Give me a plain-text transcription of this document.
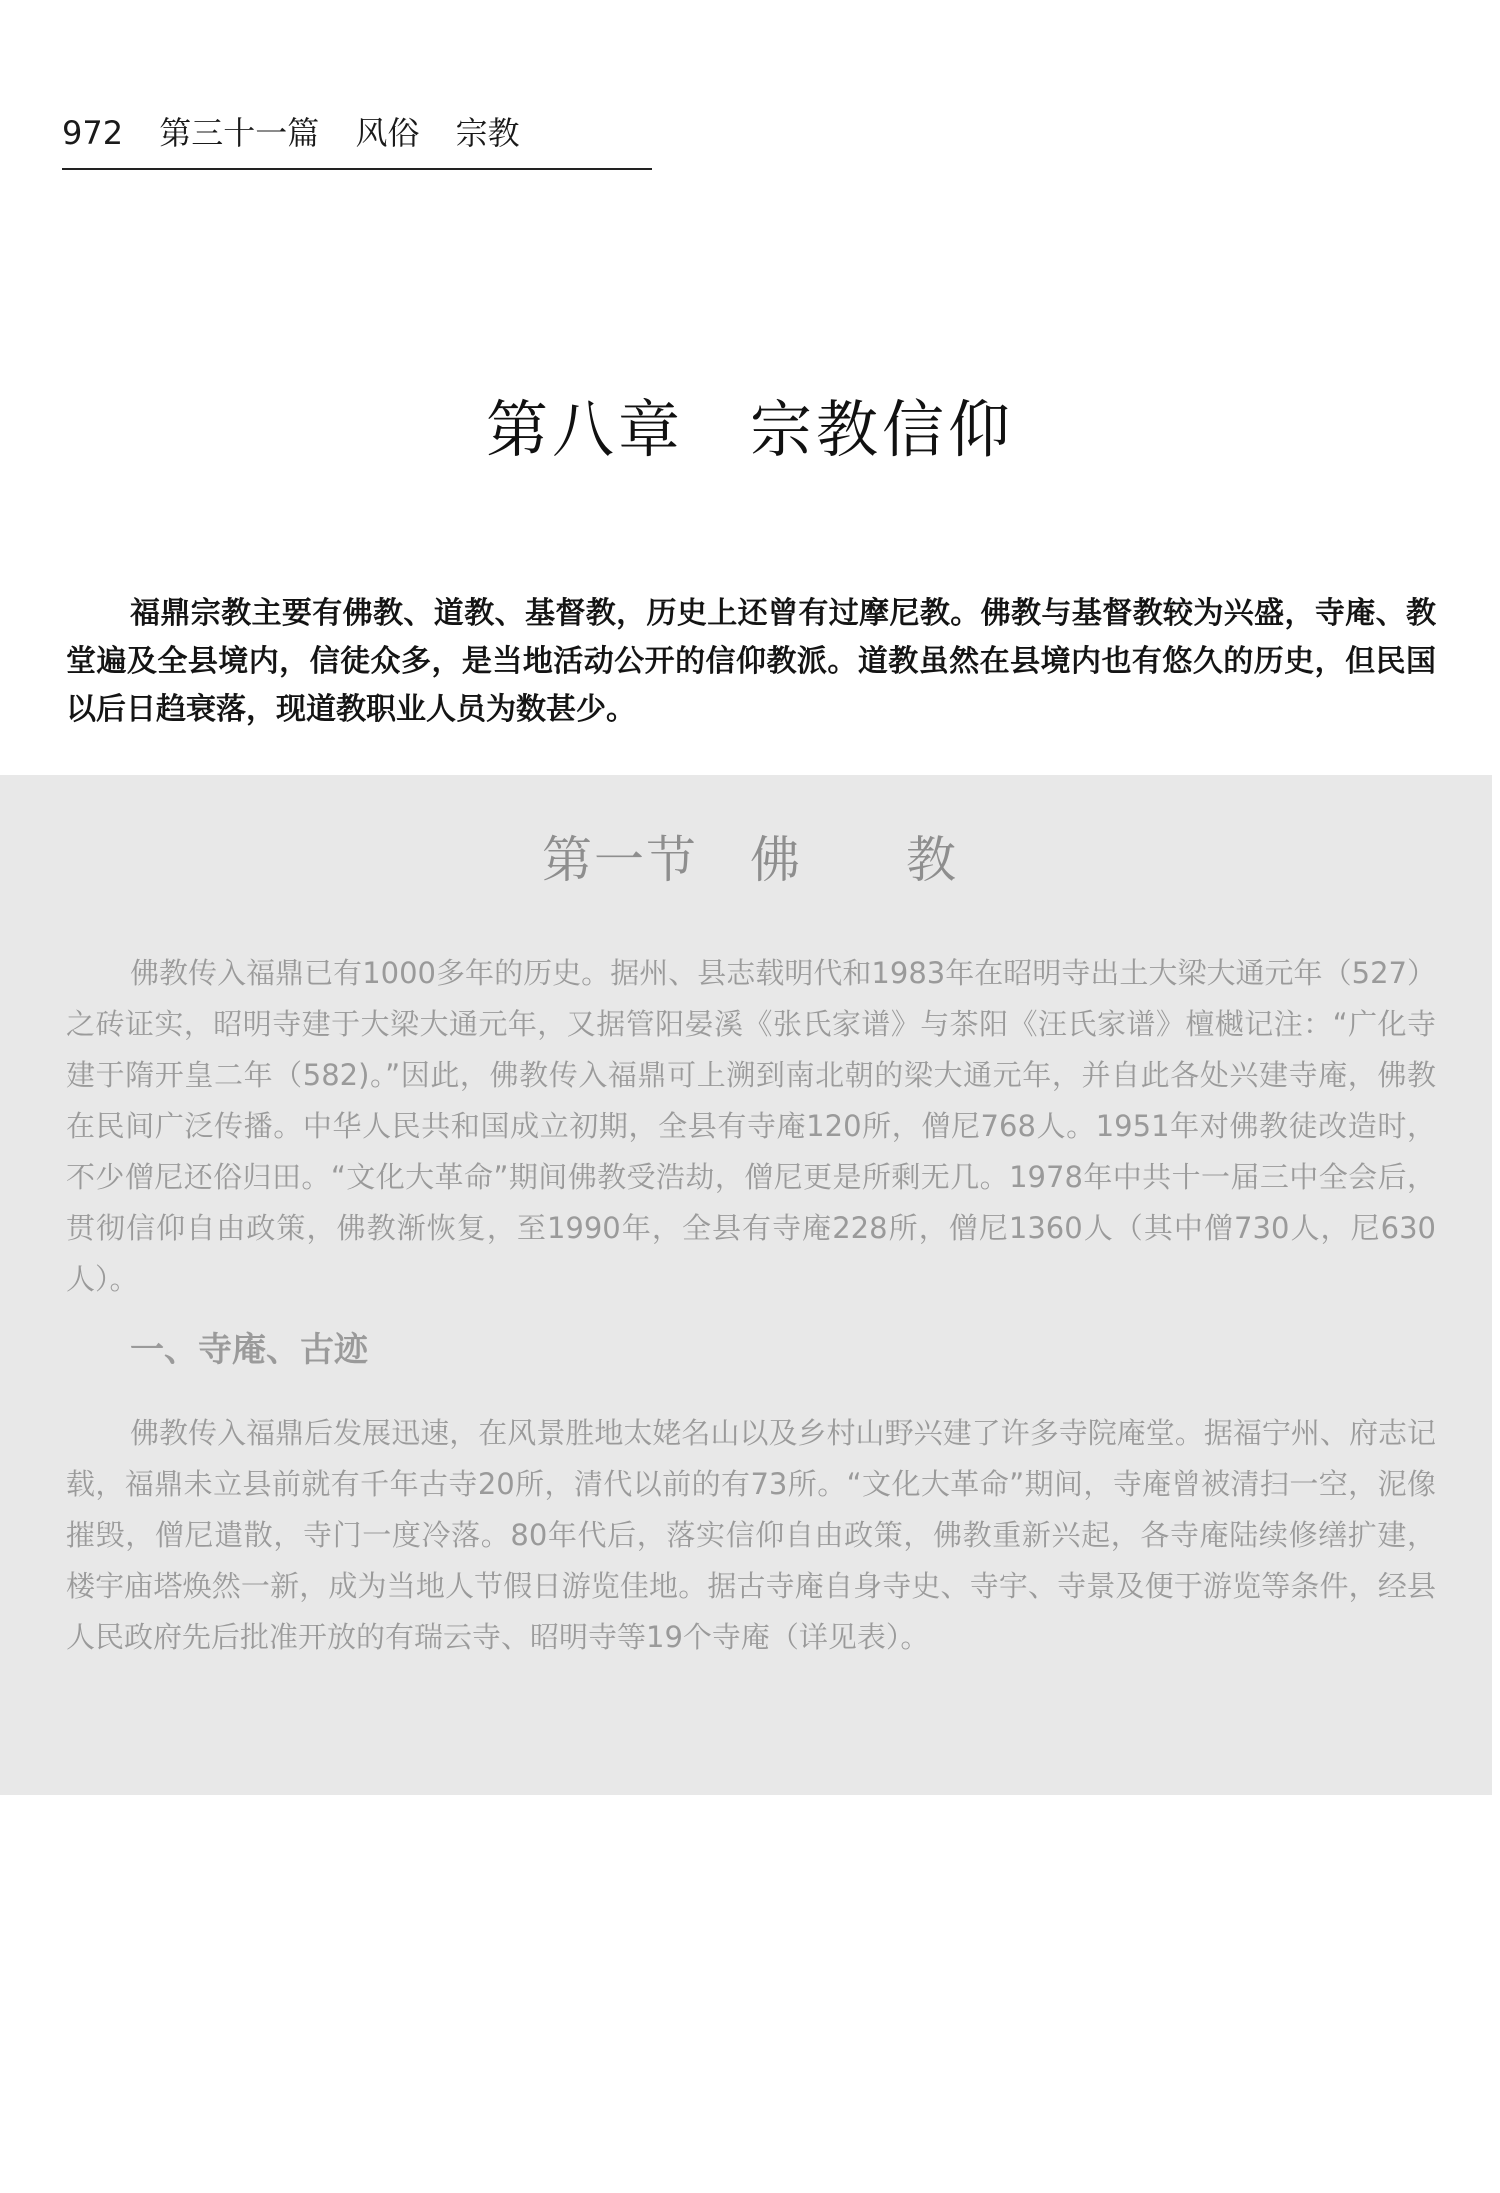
972 第三十一篇 风俗 宗教
第八章　宗教信仰

福鼎宗教主要有佛教、道教、基督教，历史上还曾有过摩尼教。佛教与基督教较为兴盛，寺庵、教堂遍及全县境内，信徒众多，是当地活动公开的信仰教派。道教虽然在县境内也有悠久的历史，但民国以后日趋衰落，现道教职业人员为数甚少。

第一节　佛　　教

佛教传入福鼎已有1000多年的历史。据州、县志载明代和1983年在昭明寺出土大梁大通元年（527）之砖证实，昭明寺建于大梁大通元年，又据管阳晏溪《张氏家谱》与茶阳《汪氏家谱》檀樾记注：“广化寺建于隋开皇二年（582)。”因此，佛教传入福鼎可上溯到南北朝的梁大通元年，并自此各处兴建寺庵，佛教在民间广泛传播。中华人民共和国成立初期，全县有寺庵120所，僧尼768人。1951年对佛教徒改造时，不少僧尼还俗归田。“文化大革命”期间佛教受浩劫，僧尼更是所剩无几。1978年中共十一届三中全会后，贯彻信仰自由政策，佛教渐恢复，至1990年，全县有寺庵228所，僧尼1360人（其中僧730人，尼630人）。

一、寺庵、古迹

佛教传入福鼎后发展迅速，在风景胜地太姥名山以及乡村山野兴建了许多寺院庵堂。据福宁州、府志记载，福鼎未立县前就有千年古寺20所，清代以前的有73所。“文化大革命”期间，寺庵曾被清扫一空，泥像摧毁，僧尼遣散，寺门一度冷落。80年代后，落实信仰自由政策，佛教重新兴起，各寺庵陆续修缮扩建，楼宇庙塔焕然一新，成为当地人节假日游览佳地。据古寺庵自身寺史、寺宇、寺景及便于游览等条件，经县人民政府先后批准开放的有瑞云寺、昭明寺等19个寺庵（详见表）。
